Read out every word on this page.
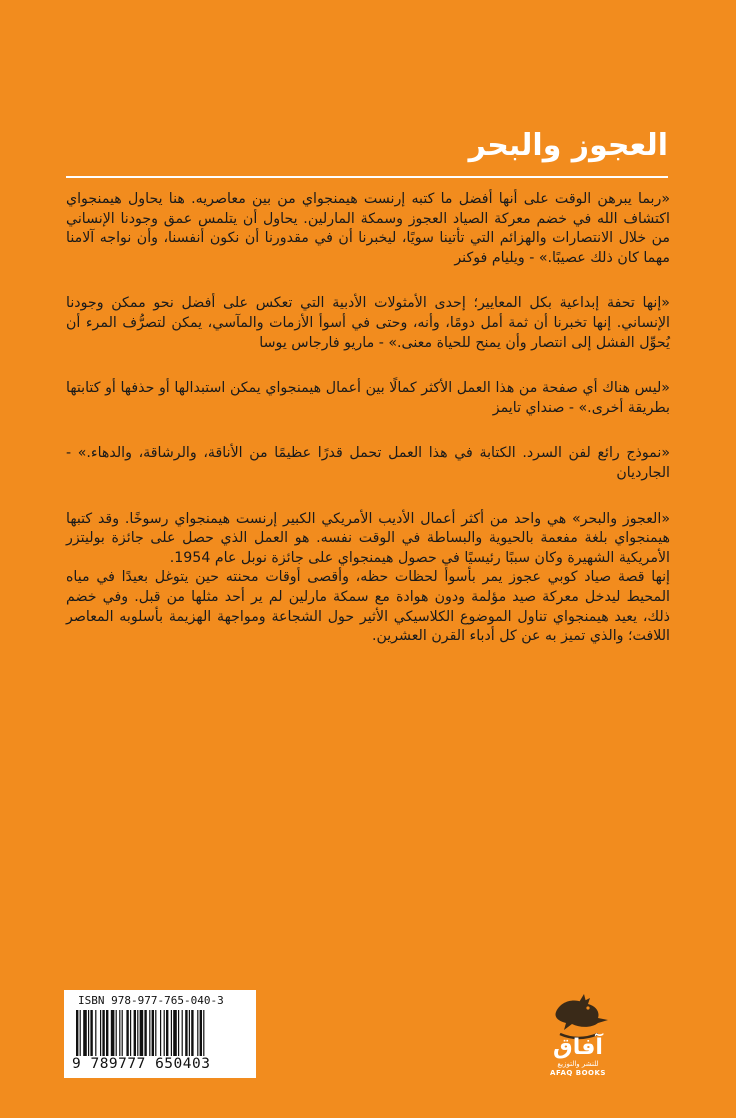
العجوز والبحر

«ربما يبرهن الوقت على أنها أفضل ما كتبه إرنست هيمنجواي من بين معاصريه. هنا يحاول هيمنجواي اكتشاف الله في خضم معركة الصياد العجوز وسمكة المارلين. يحاول أن يتلمس عمق وجودنا الإنساني من خلال الانتصارات والهزائم التي تأتينا سويًا، ليخبرنا أن في مقدورنا أن نكون أنفسنا، وأن نواجه آلامنا مهما كان ذلك عصيبًا.» - ويليام فوكنر

«إنها تحفة إبداعية بكل المعايير؛ إحدى الأمثولات الأدبية التي تعكس على أفضل نحو ممكن وجودنا الإنساني. إنها تخبرنا أن ثمة أمل دومًا، وأنه، وحتى في أسوأ الأزمات والمآسي، يمكن لتصرُّف المرء أن يُحوِّل الفشل إلى انتصار وأن يمنح للحياة معنى.» - ماريو فارجاس يوسا

«ليس هناك أي صفحة من هذا العمل الأكثر كمالًا بين أعمال هيمنجواي يمكن استبدالها أو حذفها أو كتابتها بطريقة أخرى.» - صنداي تايمز

«نموذج رائع لفن السرد. الكتابة في هذا العمل تحمل قدرًا عظيمًا من الأناقة، والرشاقة، والدهاء.» - الجارديان

«العجوز والبحر» هي واحد من أكثر أعمال الأديب الأمريكي الكبير إرنست هيمنجواي رسوخًا. وقد كتبها هيمنجواي بلغة مفعمة بالحيوية والبساطة في الوقت نفسه. هو العمل الذي حصل على جائزة بوليتزر الأمريكية الشهيرة وكان سببًا رئيسيًا في حصول هيمنجواي على جائزة نوبل عام 1954.

إنها قصة صياد كوبي عجوز يمر بأسوأ لحظات حظه، وأقصى أوقات محنته حين يتوغل بعيدًا في مياه المحيط ليدخل معركة صيد مؤلمة ودون هوادة مع سمكة مارلين لم ير أحد مثلها من قبل. وفي خضم ذلك، يعيد هيمنجواي تناول الموضوع الكلاسيكي الأثير حول الشجاعة ومواجهة الهزيمة بأسلوبه المعاصر اللافت؛ والذي تميز به عن كل أدباء القرن العشرين.

ISBN 978-977-765-040-3
9 789777 650403
آفاق
للنشر والتوزيع
AFAQ BOOKS
